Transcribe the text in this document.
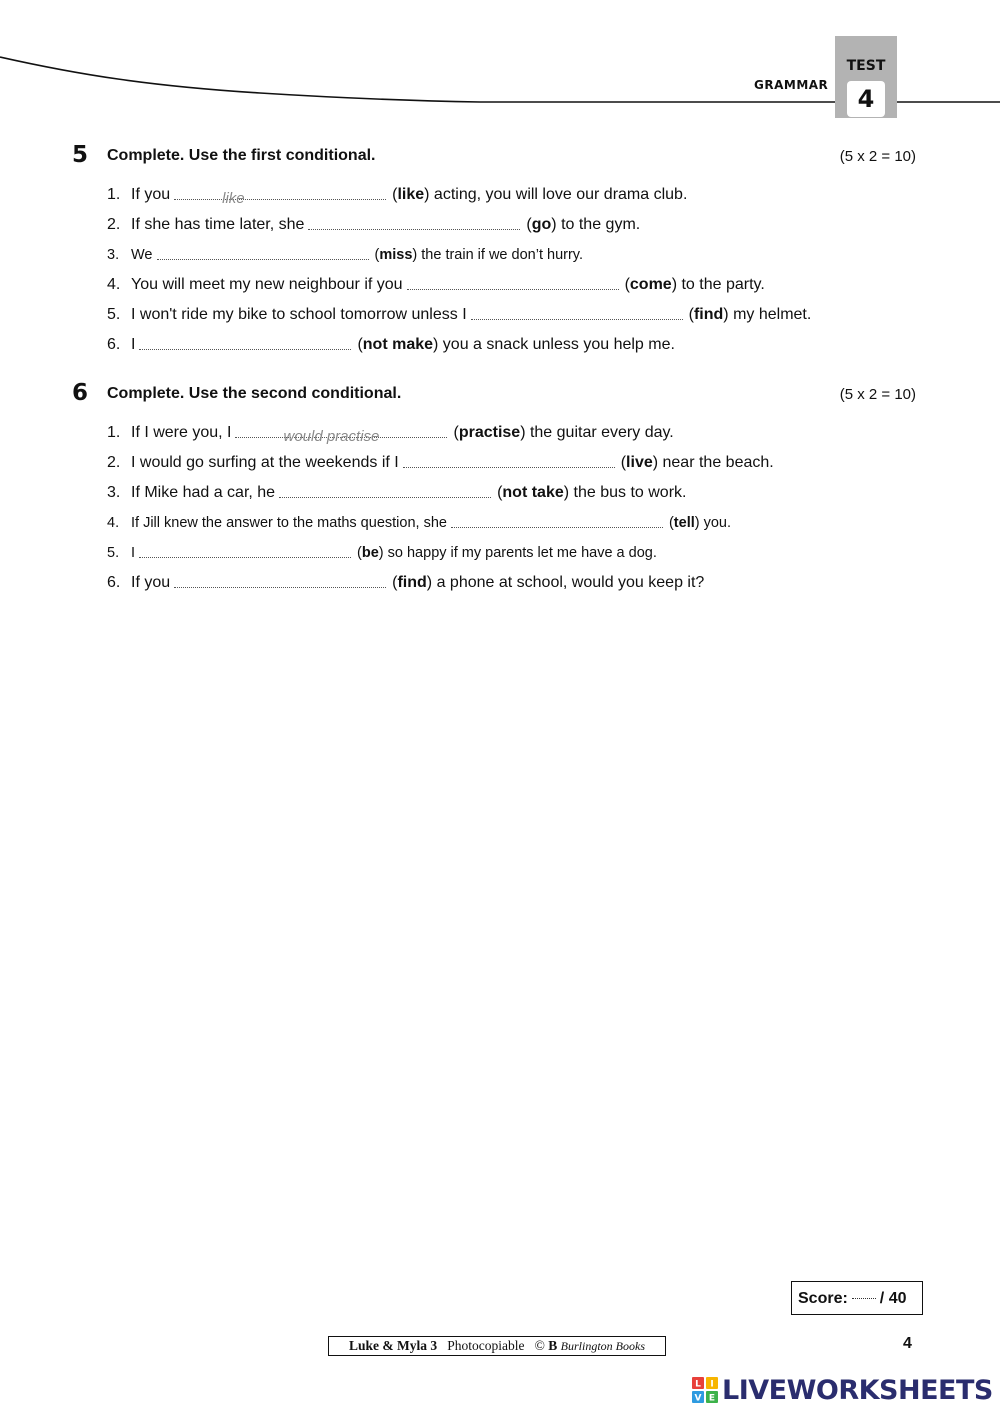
GRAMMAR
TEST
4
5 Complete. Use the first conditional.	(5 x 2 = 10)
1. If you	like	(like) acting, you will love our drama club.
2. If she has time later, she	(go) to the gym.
3. We	(miss) the train if we don’t hurry.
4. You will meet my new neighbour if you	(come) to the party.
5. I won't ride my bike to school tomorrow unless I	(find) my helmet.
6. I	(not make) you a snack unless you help me.
6 Complete. Use the second conditional.	(5 x 2 = 10)
1. If I were you, I	would practise	(practise) the guitar every day.
2. I would go surfing at the weekends if I	(live) near the beach.
3. If Mike had a car, he	(not take) the bus to work.
4. If Jill knew the answer to the maths question, she	(tell) you.
5. I	(be) so happy if my parents let me have a dog.
6. If you	(find) a phone at school, would you keep it?
Score: / 40
Luke & Myla 3 Photocopiable © B Burlington Books	4
L I
V E LIVEWORKSHEETS
